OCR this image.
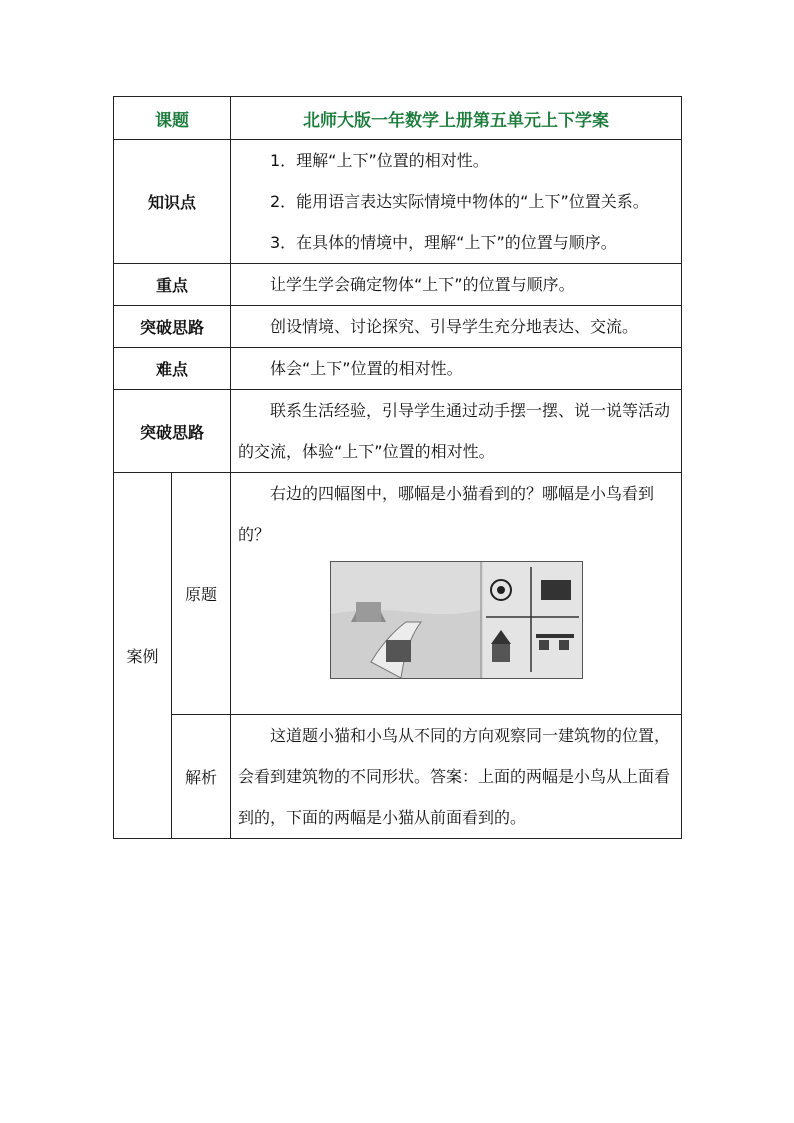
课题		北师大版一年数学上册第五单元上下学案
知识点		1．理解“上下”位置的相对性。

2．能用语言表达实际情境中物体的“上下”位置关系。

3．在具体的情境中，理解“上下”的位置与顺序。

重点		让学生学会确定物体“上下”的位置与顺序。
突破思路		创设情境、讨论探究、引导学生充分地表达、交流。
难点		体会“上下”位置的相对性。
突破思路		联系生活经验，引导学生通过动手摆一摆、说一说等活动的交流，体验“上下”位置的相对性。
案例	原题	右边的四幅图中，哪幅是小猫看到的？哪幅是小鸟看到的？

	解析	这道题小猫和小鸟从不同的方向观察同一建筑物的位置，会看到建筑物的不同形状。答案：上面的两幅是小鸟从上面看到的，下面的两幅是小猫从前面看到的。
